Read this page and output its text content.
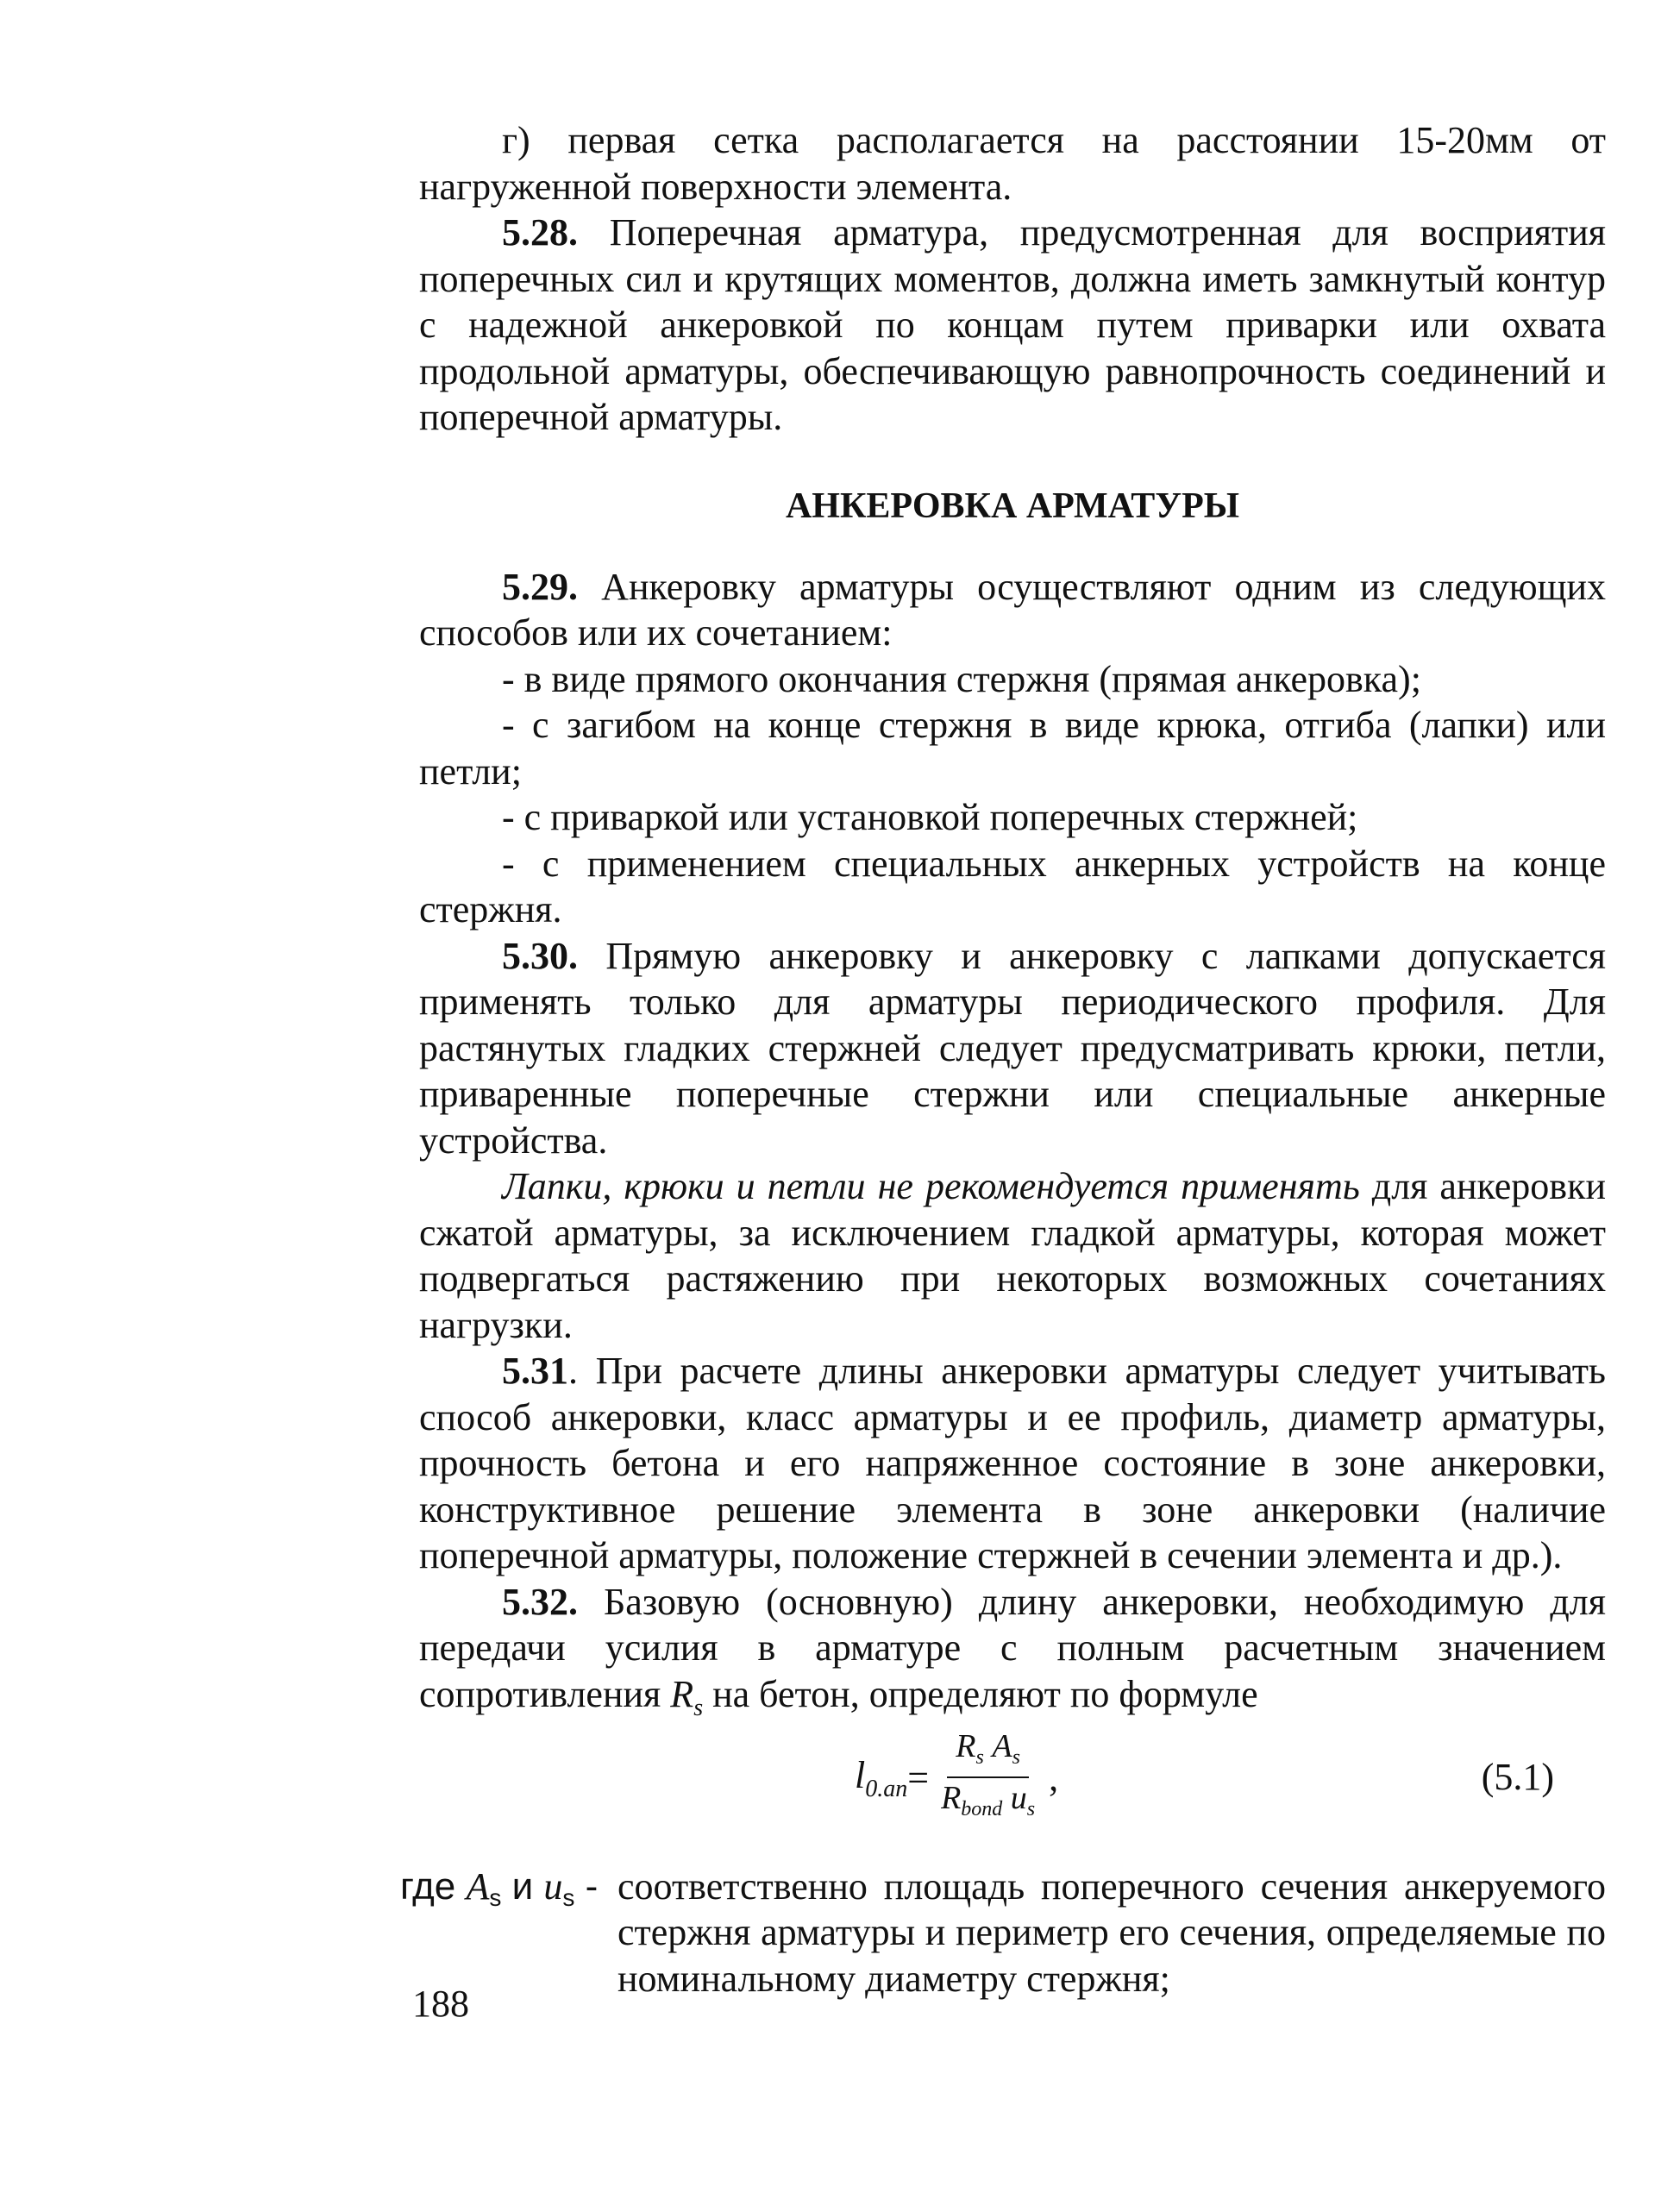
г) первая сетка располагается на расстоянии 15-20мм от

нагруженной поверхности элемента.

5.28. Поперечная арматура, предусмотренная для восприятия поперечных сил и крутящих моментов, должна иметь замкнутый контур с надежной анкеровкой по концам путем приварки или охвата продольной арматуры, обеспечивающую равнопрочность соединений и поперечной арматуры.

АНКЕРОВКА АРМАТУРЫ

5.29. Анкеровку арматуры осуществляют одним из следующих способов или их сочетанием:

- в виде прямого окончания стержня (прямая анкеровка);

- с загибом на конце стержня в виде крюка, отгиба (лапки) или петли;

- с приваркой или установкой поперечных стержней;

- с применением специальных анкерных устройств на конце стержня.

5.30. Прямую анкеровку и анкеровку с лапками допускается применять только для арматуры периодического профиля. Для растянутых гладких стержней следует предусматривать крюки, петли, приваренные поперечные стержни или специальные анкерные устройства.

Лапки, крюки и петли не рекомендуется применять для анкеровки сжатой арматуры, за исключением гладкой арматуры, которая может подвергаться растяжению при некоторых возможных сочетаниях нагрузки.

5.31. При расчете длины анкеровки арматуры следует учитывать способ анкеровки, класс арматуры и ее профиль, диаметр арматуры, прочность бетона и его напряженное состояние в зоне анкеровки, конструктивное решение элемента в зоне анкеровки (наличие поперечной арматуры, положение стержней в сечении элемента и др.).

5.32. Базовую (основную) длину анкеровки, необходимую для передачи усилия в арматуре с полным расчетным значением сопротивления $R_s$ на бетон, определяют по формуле

$l_{0.an} = \frac{R_s A_s}{R_{bond} u_s}$ ,	(5.1)
где $A_s$ и $u_s$ - соответственно площадь поперечного сечения анкеруемого стержня арматуры и периметр его сечения, определяемые по номинальному диаметру стержня;

188
